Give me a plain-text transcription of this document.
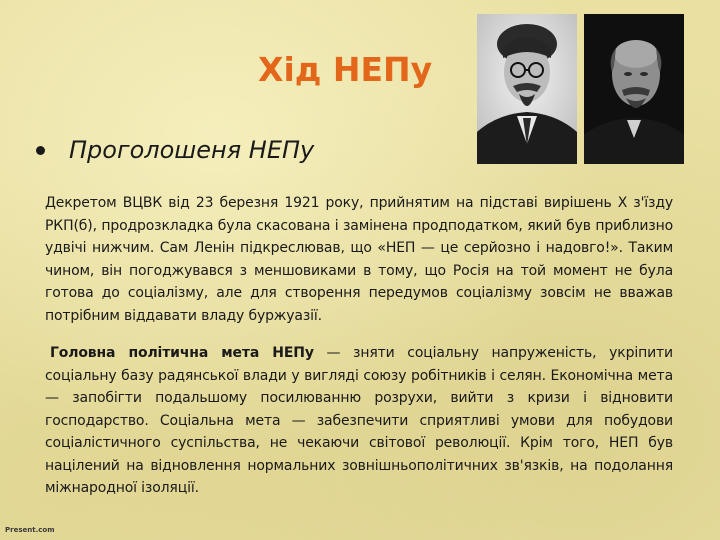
Хід НЕПу
Проголошеня НЕПу

Декретом ВЦВК від 23 березня 1921 року, прийнятим на підставі вирішень X з'їзду РКП(б), продрозкладка була скасована і замінена продподатком, який був приблизно удвічі нижчим. Сам Ленін підкреслював, що «НЕП — це серйозно і надовго!». Таким чином, він погоджувався з меншовиками в тому, що Росія на той момент не була готова до соціалізму, але для створення передумов соціалізму зовсім не вважав потрібним віддавати владу буржуазії.

Головна політична мета НЕПу — зняти соціальну напруженість, укріпити соціальну базу радянської влади у вигляді союзу робітників і селян. Економічна мета — запобігти подальшому посилюванню розрухи, вийти з кризи і відновити господарство. Соціальна мета — забезпечити сприятливі умови для побудови соціалістичного суспільства, не чекаючи світової революції. Крім того, НЕП був націлений на відновлення нормальних зовнішньополітичних зв'язків, на подолання міжнародної ізоляції.

Present.com
